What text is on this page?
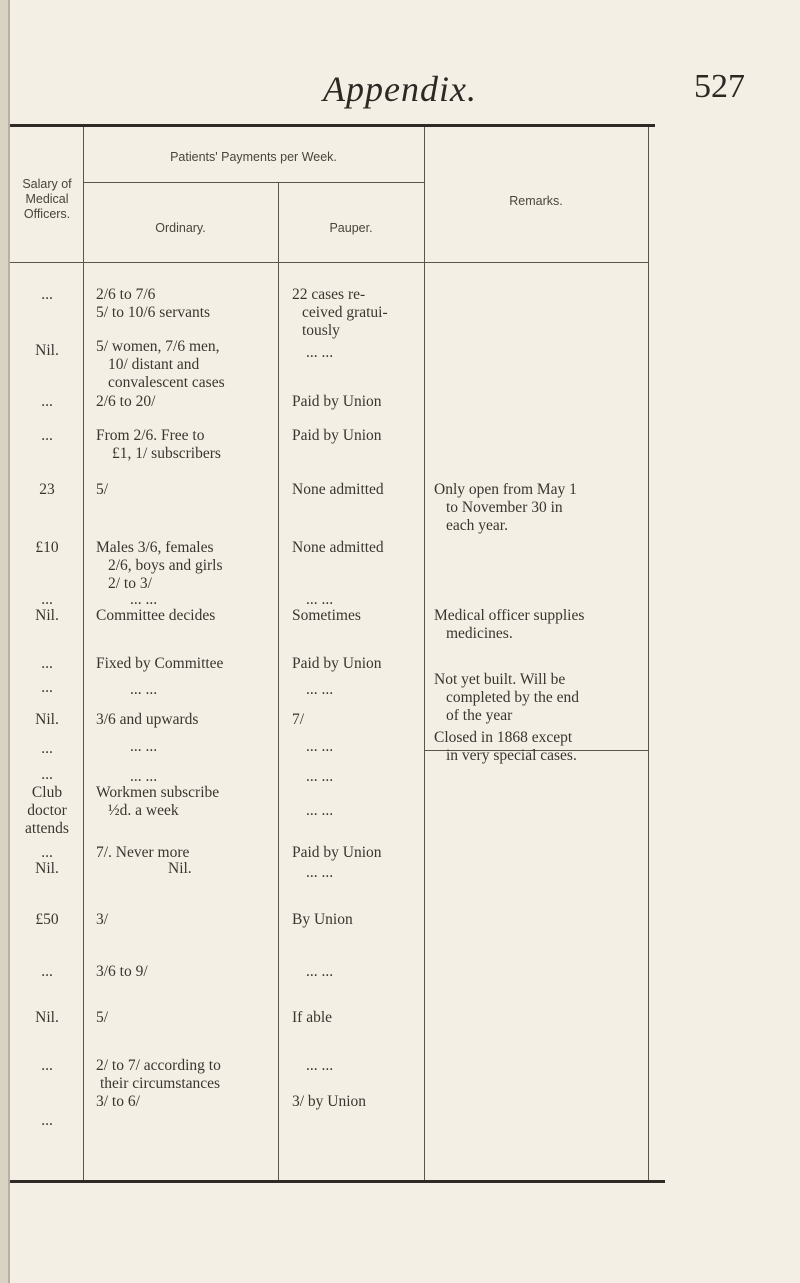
Appendix.	527
Salary of Medical Officers.
Patients' Payments per Week.
Ordinary.	Pauper.
Remarks.
...
Nil.
...
...
23
£10
...
Nil.
...
...
Nil.
...
...
Club
doctor
attends
...
Nil.
£50
...
Nil.
...
...
2/6 to 7/6
5/ to 10/6 servants
5/ women, 7/6 men,
10/ distant and
convalescent cases
2/6 to 20/
From 2/6. Free to
£1, 1/ subscribers
5/
Males 3/6, females
2/6, boys and girls
2/ to 3/
... ...
Committee decides
Fixed by Committee
... ...
3/6 and upwards
... ...
... ...
Workmen subscribe
½d. a week
7/. Never more
Nil.
3/
3/6 to 9/
5/
2/ to 7/ according to
their circumstances
3/ to 6/
22 cases re-
ceived gratui-
tously
... ...
Paid by Union
Paid by Union
None admitted
None admitted
... ...
Sometimes
Paid by Union
... ...
7/
... ...
... ...
... ...
Paid by Union
... ...
By Union
... ...
If able
... ...
3/ by Union
Only open from May 1
to November 30 in
each year.
Medical officer supplies
medicines.
Not yet built. Will be
completed by the end
of the year
Closed in 1868 except
in very special cases.
